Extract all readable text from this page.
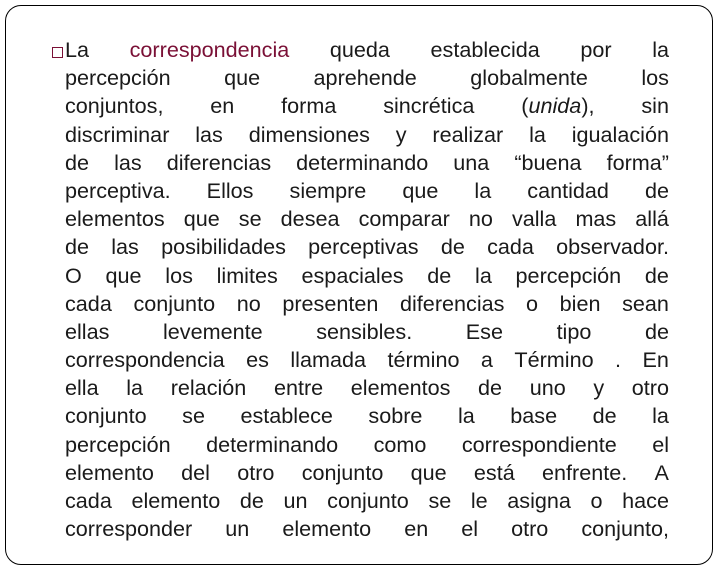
La correspondencia queda establecida por la
percepción que aprehende globalmente los
conjuntos, en forma sincrética (unida), sin
discriminar las dimensiones y realizar la igualación
de las diferencias determinando una “buena forma”
perceptiva. Ellos siempre que la cantidad de
elementos que se desea comparar no valla mas allá
de las posibilidades perceptivas de cada observador.
O que los limites espaciales de la percepción de
cada conjunto no presenten diferencias o bien sean
ellas levemente sensibles. Ese tipo de
correspondencia es llamada término a Término . En
ella la relación entre elementos de uno y otro
conjunto se establece sobre la base de la
percepción determinando como correspondiente el
elemento del otro conjunto que está enfrente. A
cada elemento de un conjunto se le asigna o hace
corresponder un elemento en el otro conjunto,
